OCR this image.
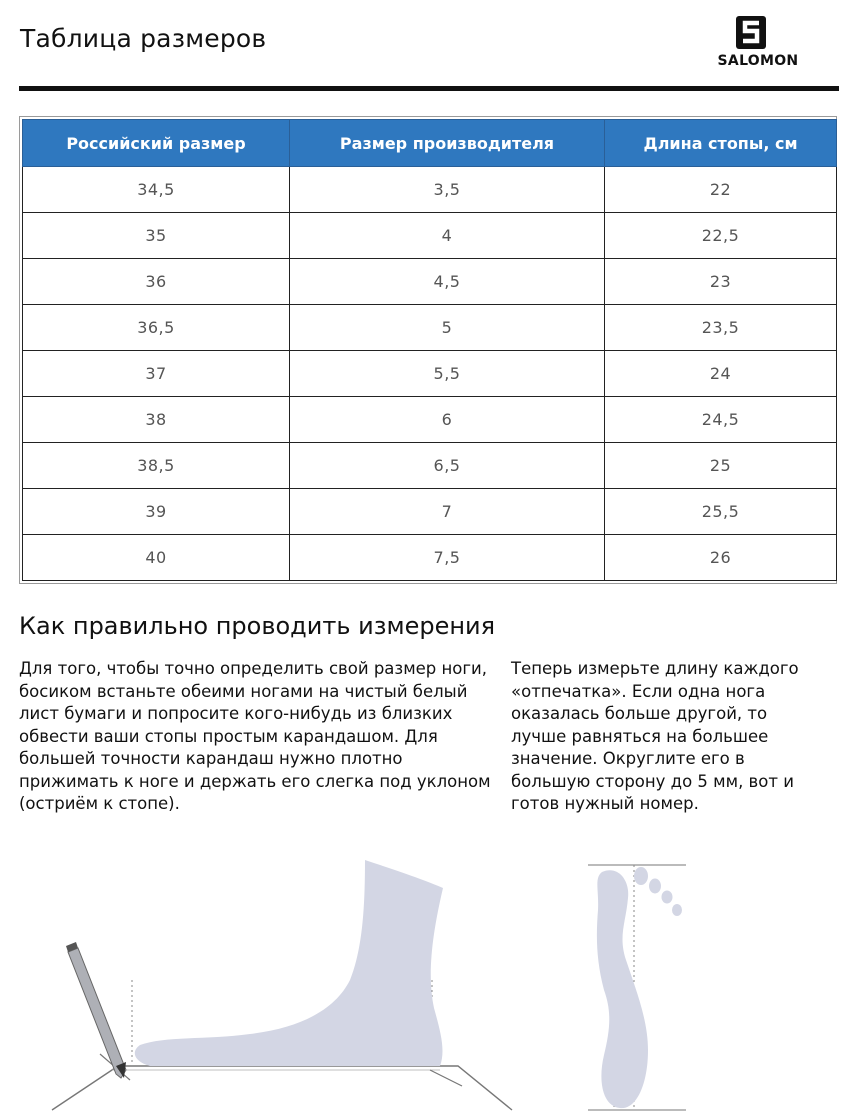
Таблица размеров
SALOMON
Российский размер	Размер производителя	Длина стопы, см
34,5	3,5	22
35	4	22,5
36	4,5	23
36,5	5	23,5
37	5,5	24
38	6	24,5
38,5	6,5	25
39	7	25,5
40	7,5	26
Как правильно проводить измерения

Для того, чтобы точно определить свой размер ноги, босиком встаньте обеими ногами на чистый белый лист бумаги и попросите кого-нибудь из близких обвести ваши стопы простым карандашом. Для большей точности карандаш нужно плотно прижимать к ноге и держать его слегка под уклоном (остриём к стопе).

Теперь измерьте длину каждого «отпечатка». Если одна нога оказалась больше другой, то лучше равняться на большее значение. Округлите его в большую сторону до 5 мм, вот и готов нужный номер.
